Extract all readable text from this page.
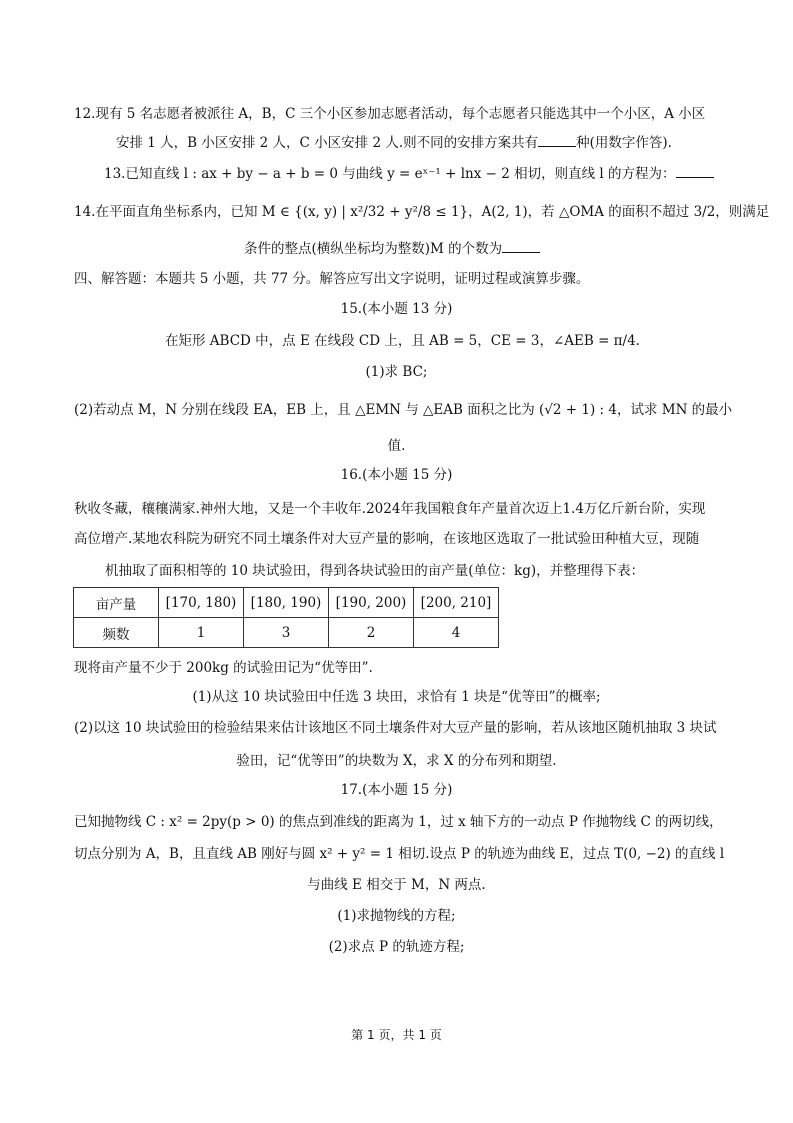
12.现有 5 名志愿者被派往 A，B，C 三个小区参加志愿者活动，每个志愿者只能选其中一个小区，A 小区
安排 1 人，B 小区安排 2 人，C 小区安排 2 人.则不同的安排方案共有	种(用数字作答).
13.已知直线 l : ax + by − a + b = 0 与曲线 y = eˣ⁻¹ + lnx − 2 相切，则直线 l 的方程为：
14.在平面直角坐标系内，已知 M ∈ {(x, y) | x²/32 + y²/8 ≤ 1}，A(2, 1)，若 △OMA 的面积不超过 3/2，则满足
条件的整点(横纵坐标均为整数)M 的个数为
四、解答题：本题共 5 小题，共 77 分。解答应写出文字说明，证明过程或演算步骤。
15.(本小题 13 分)
在矩形 ABCD 中，点 E 在线段 CD 上，且 AB = 5，CE = 3，∠AEB = π/4.
(1)求 BC;
(2)若动点 M，N 分别在线段 EA，EB 上，且 △EMN 与 △EAB 面积之比为 (√2 + 1) : 4，试求 MN 的最小
值.
16.(本小题 15 分)
秋收冬藏，穰穰满家.神州大地，又是一个丰收年.2024年我国粮食年产量首次迈上1.4万亿斤新台阶，实现
高位增产.某地农科院为研究不同土壤条件对大豆产量的影响，在该地区选取了一批试验田种植大豆，现随
机抽取了面积相等的 10 块试验田，得到各块试验田的亩产量(单位：kg)，并整理得下表：
亩产量	[170, 180)	[180, 190)	[190, 200)	[200, 210]
频数	1	3	2	4
现将亩产量不少于 200kg 的试验田记为“优等田”.
(1)从这 10 块试验田中任选 3 块田，求恰有 1 块是“优等田”的概率;
(2)以这 10 块试验田的检验结果来估计该地区不同土壤条件对大豆产量的影响，若从该地区随机抽取 3 块试
验田，记“优等田”的块数为 X，求 X 的分布列和期望.
17.(本小题 15 分)
已知抛物线 C : x² = 2py(p > 0) 的焦点到准线的距离为 1，过 x 轴下方的一动点 P 作抛物线 C 的两切线，
切点分别为 A，B，且直线 AB 刚好与圆 x² + y² = 1 相切.设点 P 的轨迹为曲线 E，过点 T(0, −2) 的直线 l
与曲线 E 相交于 M，N 两点.
(1)求抛物线的方程;
(2)求点 P 的轨迹方程;
第 1 页，共 1 页
